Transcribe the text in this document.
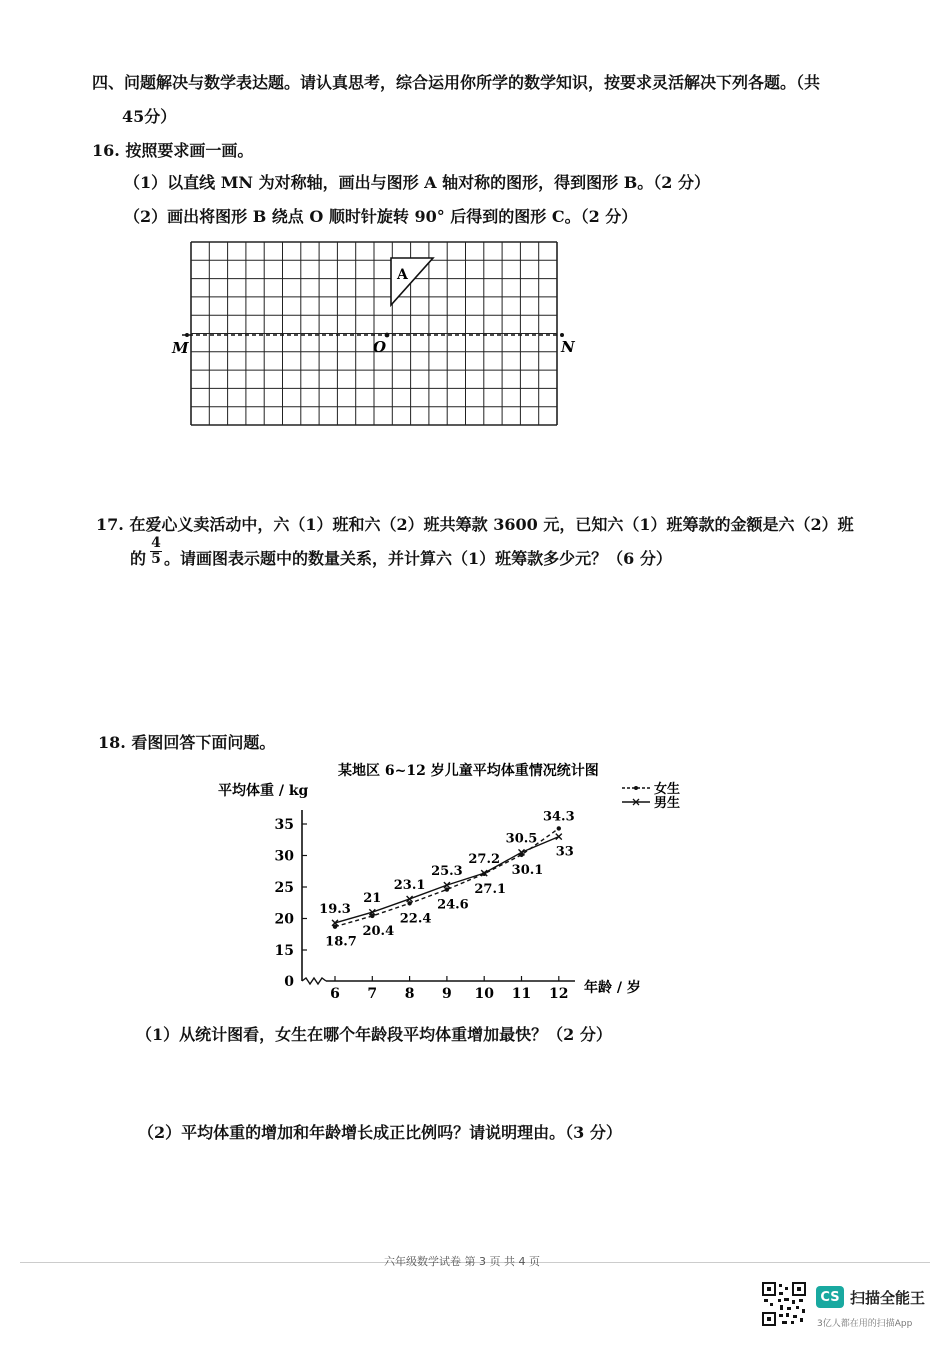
四、问题解决与数学表达题。请认真思考，综合运用你所学的数学知识，按要求灵活解决下列各题。（共
45分）
16. 按照要求画一画。
（1）以直线 MN 为对称轴，画出与图形 A 轴对称的图形，得到图形 B。（2 分）
（2）画出将图形 B 绕点 O 顺时针旋转 90° 后得到的图形 C。（2 分）
A
M	O	N
17. 在爱心义卖活动中，六（1）班和六（2）班共筹款 3600 元，已知六（1）班筹款的金额是六（2）班
的
4
5 。请画图表示题中的数量关系，并计算六（1）班筹款多少元？（6 分）
18. 看图回答下面问题。
某地区 6~12 岁儿童平均体重情况统计图
平均体重 / kg
年龄 / 岁
0
15
20
25
30
35
6 7 8 9 10 11 12
18.7
20.4
22.4
24.6
27.1
30.1
34.3
19.3
21
23.1
25.3
27.2
30.5
33
女生
男生
（1）从统计图看，女生在哪个年龄段平均体重增加最快？（2 分）
（2）平均体重的增加和年龄增长成正比例吗？请说明理由。（3 分）
六年级数学试卷 第 3 页 共 4 页
CS 扫描全能王
3亿人都在用的扫描App
